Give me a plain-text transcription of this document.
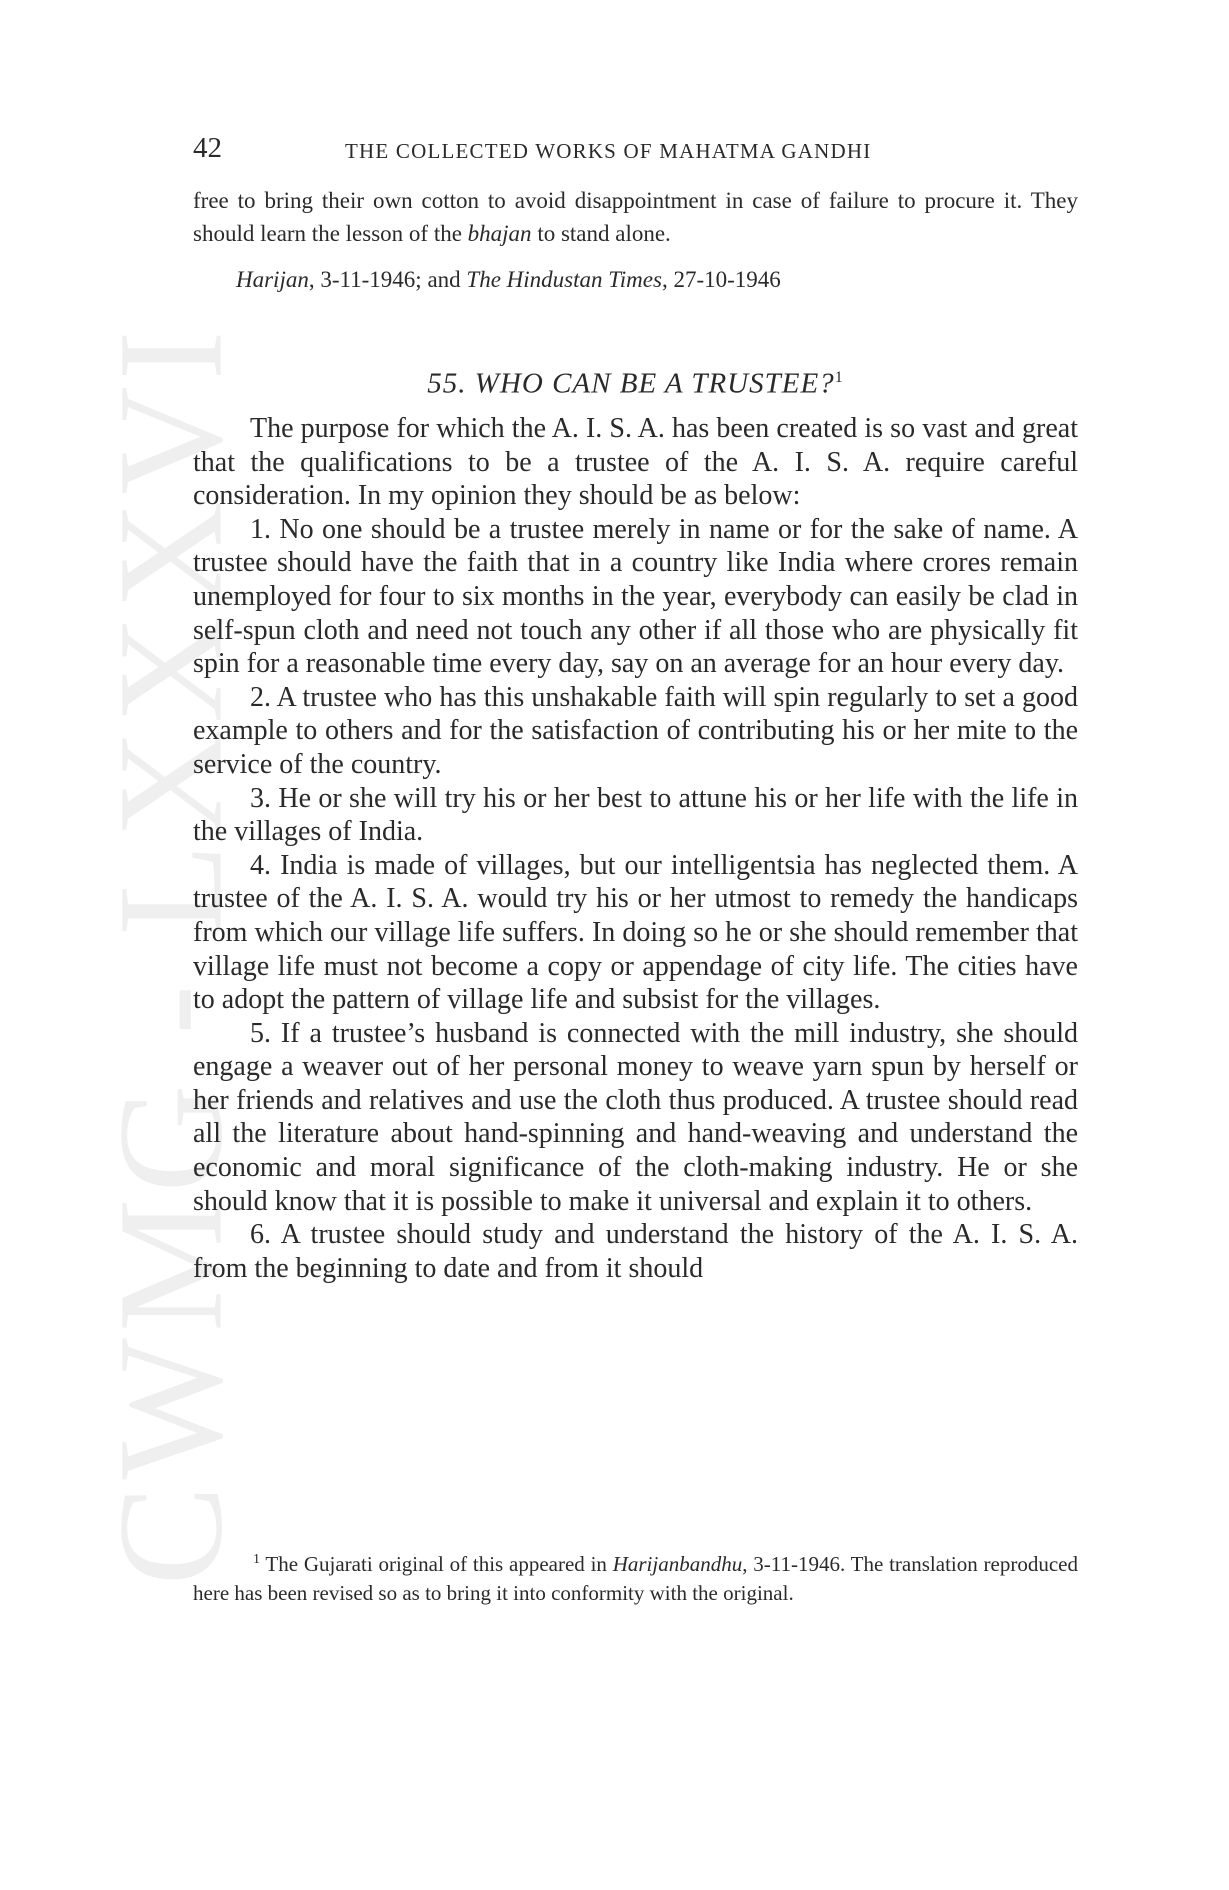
CWMG - LXXXVI
42	THE COLLECTED WORKS OF MAHATMA GANDHI

free to bring their own cotton to avoid disappointment in case of failure to procure it. They should learn the lesson of the bhajan to stand alone.

Harijan, 3-11-1946; and The Hindustan Times, 27-10-1946
55. WHO CAN BE A TRUSTEE?$^1$

The purpose for which the A. I. S. A. has been created is so vast and great that the qualifications to be a trustee of the A. I. S. A. require careful consideration. In my opinion they should be as below:

1. No one should be a trustee merely in name or for the sake of name. A trustee should have the faith that in a country like India where crores remain unemployed for four to six months in the year, everybody can easily be clad in self-spun cloth and need not touch any other if all those who are physically fit spin for a reasonable time every day, say on an average for an hour every day.

2. A trustee who has this unshakable faith will spin regularly to set a good example to others and for the satisfaction of contributing his or her mite to the service of the country.

3. He or she will try his or her best to attune his or her life with the life in the villages of India.

4. India is made of villages, but our intelligentsia has neglected them. A trustee of the A. I. S. A. would try his or her utmost to remedy the handicaps from which our village life suffers. In doing so he or she should remember that village life must not become a copy or appendage of city life. The cities have to adopt the pattern of village life and subsist for the villages.

5. If a trustee’s husband is connected with the mill industry, she should engage a weaver out of her personal money to weave yarn spun by herself or her friends and relatives and use the cloth thus produced. A trustee should read all the literature about hand-spinning and hand-weaving and understand the economic and moral significance of the cloth-making industry. He or she should know that it is possible to make it universal and explain it to others.

6. A trustee should study and understand the history of the A. I. S. A. from the beginning to date and from it should

$^1$ The Gujarati original of this appeared in Harijanbandhu, 3-11-1946. The translation reproduced here has been revised so as to bring it into conformity with the original.
